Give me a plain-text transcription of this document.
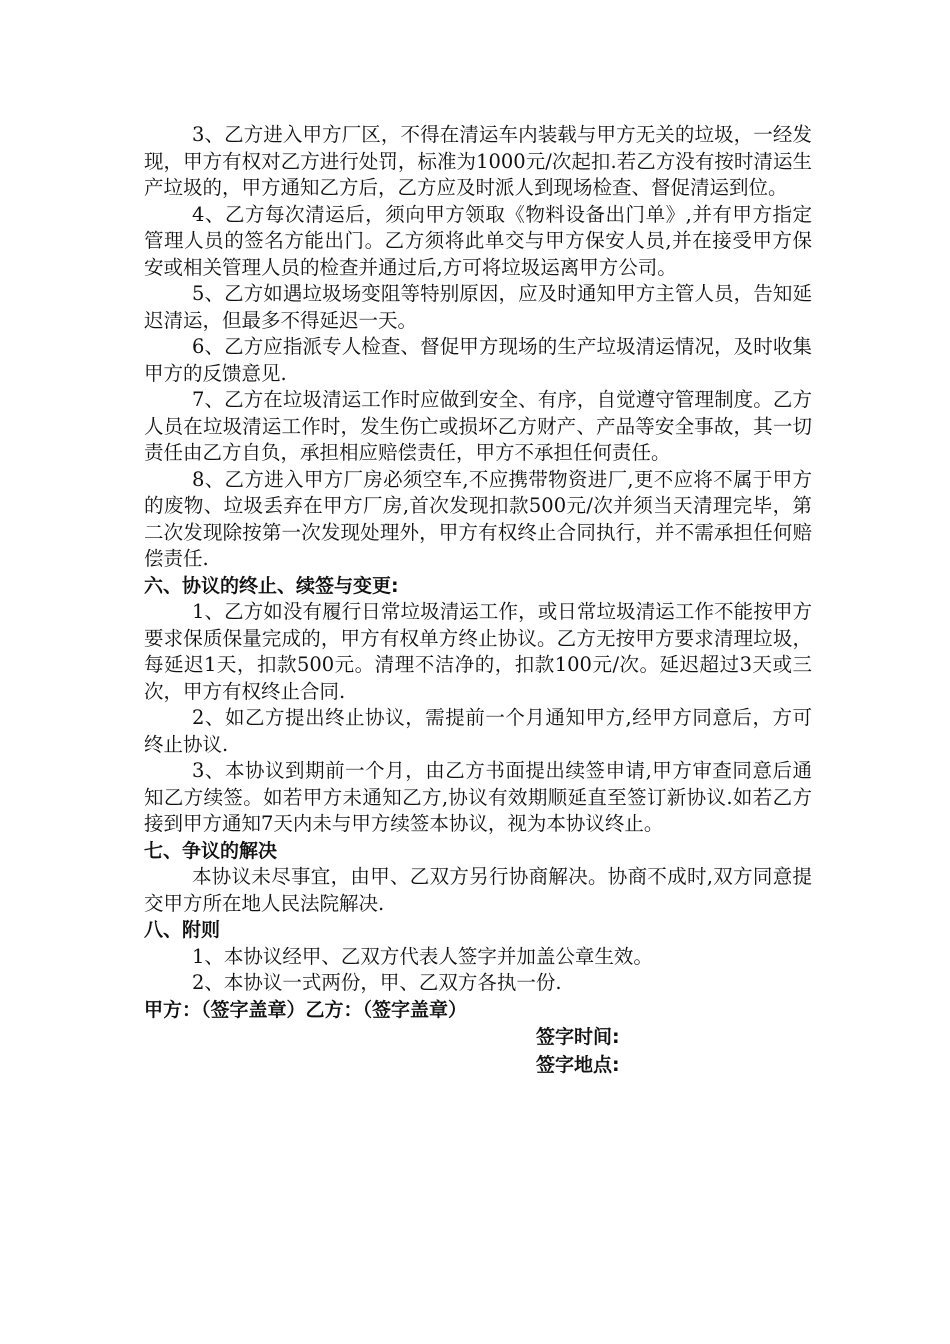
3、乙方进入甲方厂区，不得在清运车内装载与甲方无关的垃圾，一经发现，甲方有权对乙方进行处罚，标准为1000元/次起扣.若乙方没有按时清运生产垃圾的，甲方通知乙方后，乙方应及时派人到现场检查、督促清运到位。

4、乙方每次清运后，须向甲方领取《物料设备出门单》,并有甲方指定管理人员的签名方能出门。乙方须将此单交与甲方保安人员,并在接受甲方保安或相关管理人员的检查并通过后,方可将垃圾运离甲方公司。

5、乙方如遇垃圾场变阻等特别原因，应及时通知甲方主管人员，告知延迟清运，但最多不得延迟一天。

6、乙方应指派专人检查、督促甲方现场的生产垃圾清运情况，及时收集甲方的反馈意见.

7、乙方在垃圾清运工作时应做到安全、有序，自觉遵守管理制度。乙方人员在垃圾清运工作时，发生伤亡或损坏乙方财产、产品等安全事故，其一切责任由乙方自负，承担相应赔偿责任，甲方不承担任何责任。

8、乙方进入甲方厂房必须空车,不应携带物资进厂,更不应将不属于甲方的废物、垃圾丢弃在甲方厂房,首次发现扣款500元/次并须当天清理完毕，第二次发现除按第一次发现处理外，甲方有权终止合同执行，并不需承担任何赔偿责任.

六、协议的终止、续签与变更:

1、乙方如没有履行日常垃圾清运工作，或日常垃圾清运工作不能按甲方要求保质保量完成的，甲方有权单方终止协议。乙方无按甲方要求清理垃圾，每延迟1天，扣款500元。清理不洁净的，扣款100元/次。延迟超过3天或三次，甲方有权终止合同.

2、如乙方提出终止协议，需提前一个月通知甲方,经甲方同意后，方可终止协议.

3、本协议到期前一个月，由乙方书面提出续签申请,甲方审查同意后通知乙方续签。如若甲方未通知乙方,协议有效期顺延直至签订新协议.如若乙方接到甲方通知7天内未与甲方续签本协议，视为本协议终止。

七、争议的解决

本协议未尽事宜，由甲、乙双方另行协商解决。协商不成时,双方同意提交甲方所在地人民法院解决.

八、附则

1、本协议经甲、乙双方代表人签字并加盖公章生效。

2、本协议一式两份，甲、乙双方各执一份.

甲方：（签字盖章）乙方：（签字盖章）

签字时间:

签字地点:
